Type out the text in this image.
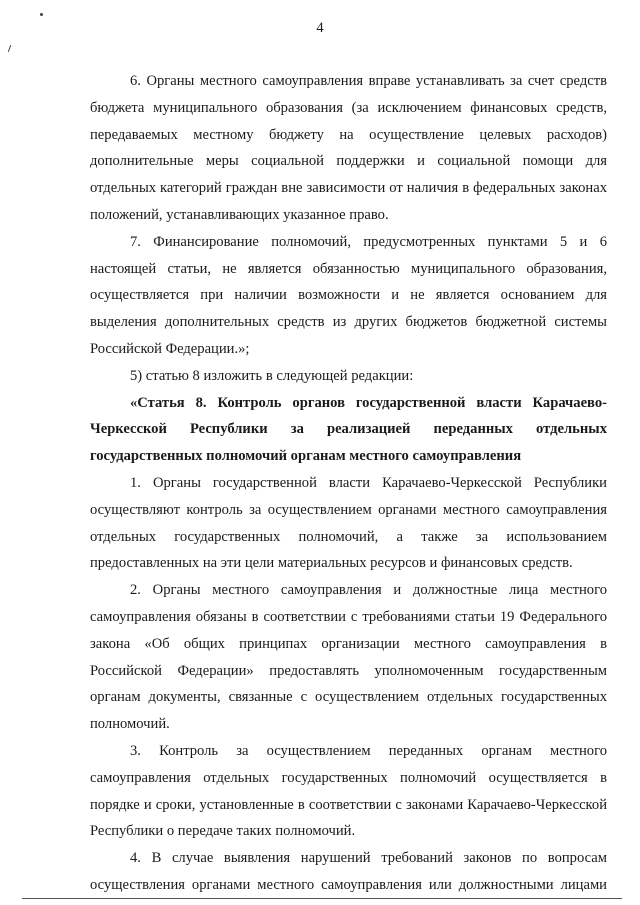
4

6. Органы местного самоуправления вправе устанавливать за счет средств бюджета муниципального образования (за исключением финансовых средств, передаваемых местному бюджету на осуществление целевых расходов) дополнительные меры социальной поддержки и социальной помощи для отдельных категорий граждан вне зависимости от наличия в федеральных законах положений, устанавливающих указанное право.

7. Финансирование полномочий, предусмотренных пунктами 5 и 6 настоящей статьи, не является обязанностью муниципального образования, осуществляется при наличии возможности и не является основанием для выделения дополнительных средств из других бюджетов бюджетной системы Российской Федерации.»;

5) статью 8 изложить в следующей редакции:

«Статья 8. Контроль органов государственной власти Карачаево-Черкесской Республики за реализацией переданных отдельных государственных полномочий органам местного самоуправления

1. Органы государственной власти Карачаево-Черкесской Республики осуществляют контроль за осуществлением органами местного самоуправления отдельных государственных полномочий, а также за использованием предоставленных на эти цели материальных ресурсов и финансовых средств.

2. Органы местного самоуправления и должностные лица местного самоуправления обязаны в соответствии с требованиями статьи 19 Федерального закона «Об общих принципах организации местного самоуправления в Российской Федерации» предоставлять уполномоченным государственным органам документы, связанные с осуществлением отдельных государственных полномочий.

3. Контроль за осуществлением переданных органам местного самоуправления отдельных государственных полномочий осуществляется в порядке и сроки, установленные в соответствии с законами Карачаево-Черкесской Республики о передаче таких полномочий.

4. В случае выявления нарушений требований законов по вопросам осуществления органами местного самоуправления или должностными лицами
